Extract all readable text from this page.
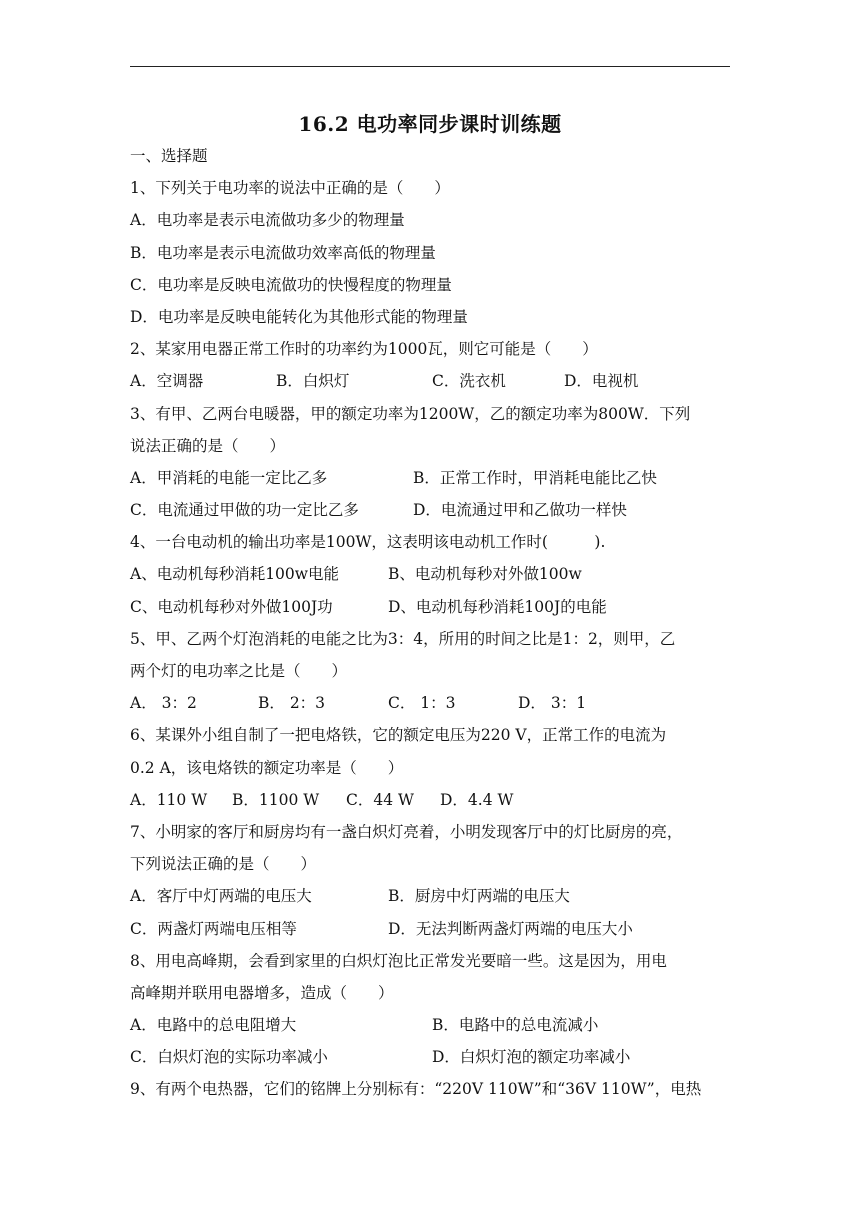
16.2 电功率同步课时训练题
一、选择题
1、下列关于电功率的说法中正确的是（　　）
A．电功率是表示电流做功多少的物理量
B．电功率是表示电流做功效率高低的物理量
C．电功率是反映电流做功的快慢程度的物理量
D．电功率是反映电能转化为其他形式能的物理量
2、某家用电器正常工作时的功率约为1000瓦，则它可能是（　　）
A．空调器	B．白炽灯	C．洗衣机	D．电视机
3、有甲、乙两台电暖器，甲的额定功率为1200W，乙的额定功率为800W．下列
说法正确的是（　　）
A．甲消耗的电能一定比乙多	B．正常工作时，甲消耗电能比乙快
C．电流通过甲做的功一定比乙多	D．电流通过甲和乙做功一样快
4、一台电动机的输出功率是100W，这表明该电动机工作时(　　　).
A、电动机每秒消耗100w电能	B、电动机每秒对外做100w
C、电动机每秒对外做100J功	D、电动机每秒消耗100J的电能
5、甲、乙两个灯泡消耗的电能之比为3：4，所用的时间之比是1：2，则甲，乙
两个灯的电功率之比是（　　）
A． 3：2	B． 2：3	C． 1：3	D． 3：1
6、某课外小组自制了一把电烙铁，它的额定电压为220 V，正常工作的电流为
0.2 A，该电烙铁的额定功率是（　　）
A．110 W	B．1100 W	C．44 W	D．4.4 W
7、小明家的客厅和厨房均有一盏白炽灯亮着，小明发现客厅中的灯比厨房的亮，
下列说法正确的是（　　）
A．客厅中灯两端的电压大	B．厨房中灯两端的电压大
C．两盏灯两端电压相等	D．无法判断两盏灯两端的电压大小
8、用电高峰期，会看到家里的白炽灯泡比正常发光要暗一些。这是因为，用电
高峰期并联用电器增多，造成（　　）
A．电路中的总电阻增大	B．电路中的总电流减小
C．白炽灯泡的实际功率减小	D．白炽灯泡的额定功率减小
9、有两个电热器，它们的铭牌上分别标有：“220V 110W”和“36V 110W”，电热
